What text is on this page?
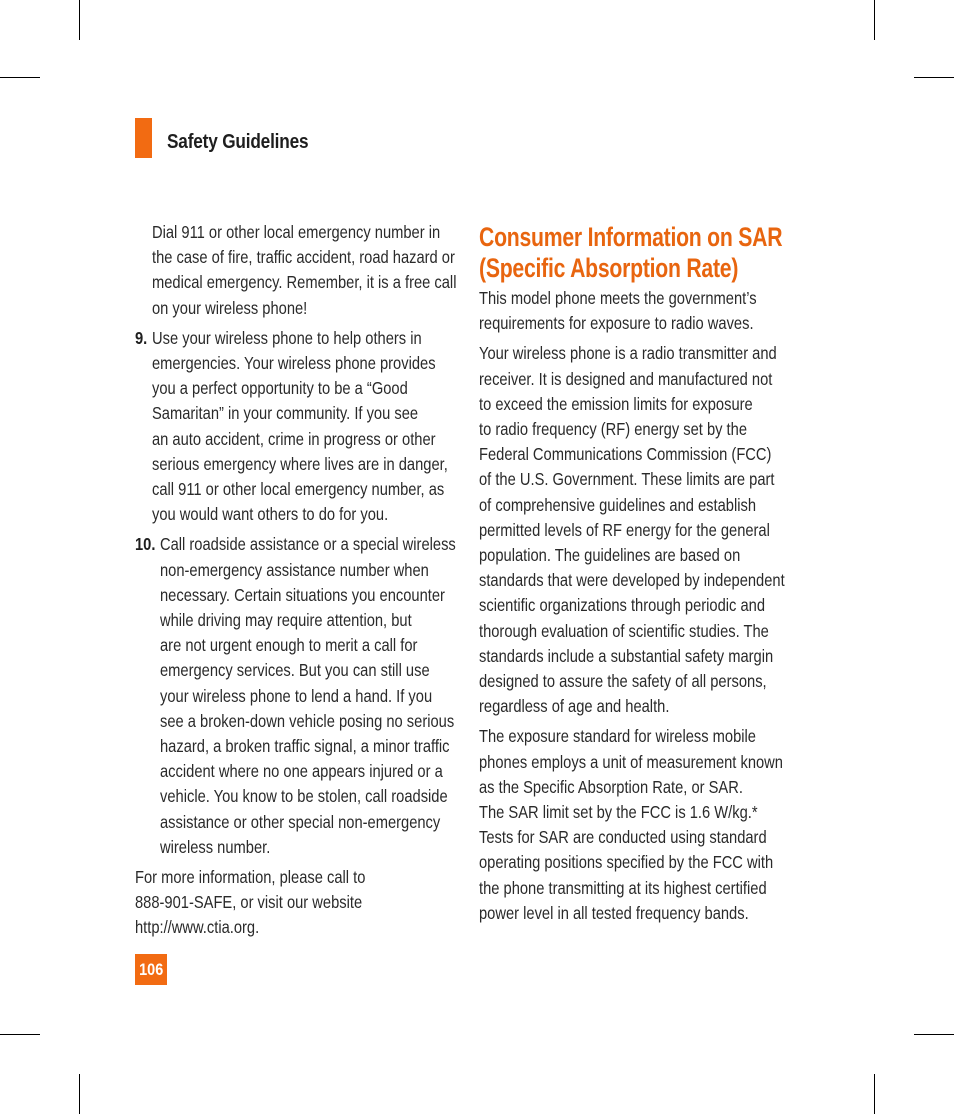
Safety Guidelines
Dial 911 or other local emergency number in
the case of fire, traffic accident, road hazard or
medical emergency. Remember, it is a free call
on your wireless phone!
9. Use your wireless phone to help others in
emergencies. Your wireless phone provides
you a perfect opportunity to be a “Good
Samaritan” in your community. If you see
an auto accident, crime in progress or other
serious emergency where lives are in danger,
call 911 or other local emergency number, as
you would want others to do for you.
10. Call roadside assistance or a special wireless
non-emergency assistance number when
necessary. Certain situations you encounter
while driving may require attention, but
are not urgent enough to merit a call for
emergency services. But you can still use
your wireless phone to lend a hand. If you
see a broken-down vehicle posing no serious
hazard, a broken traffic signal, a minor traffic
accident where no one appears injured or a
vehicle. You know to be stolen, call roadside
assistance or other special non-emergency
wireless number.
For more information, please call to
888-901-SAFE, or visit our website
http://www.ctia.org.
Consumer Information on SAR
(Specific Absorption Rate)
This model phone meets the government’s
requirements for exposure to radio waves.
Your wireless phone is a radio transmitter and
receiver. It is designed and manufactured not
to exceed the emission limits for exposure
to radio frequency (RF) energy set by the
Federal Communications Commission (FCC)
of the U.S. Government. These limits are part
of comprehensive guidelines and establish
permitted levels of RF energy for the general
population. The guidelines are based on
standards that were developed by independent
scientific organizations through periodic and
thorough evaluation of scientific studies. The
standards include a substantial safety margin
designed to assure the safety of all persons,
regardless of age and health.
The exposure standard for wireless mobile
phones employs a unit of measurement known
as the Specific Absorption Rate, or SAR.
The SAR limit set by the FCC is 1.6 W/kg.*
Tests for SAR are conducted using standard
operating positions specified by the FCC with
the phone transmitting at its highest certified
power level in all tested frequency bands.
106
